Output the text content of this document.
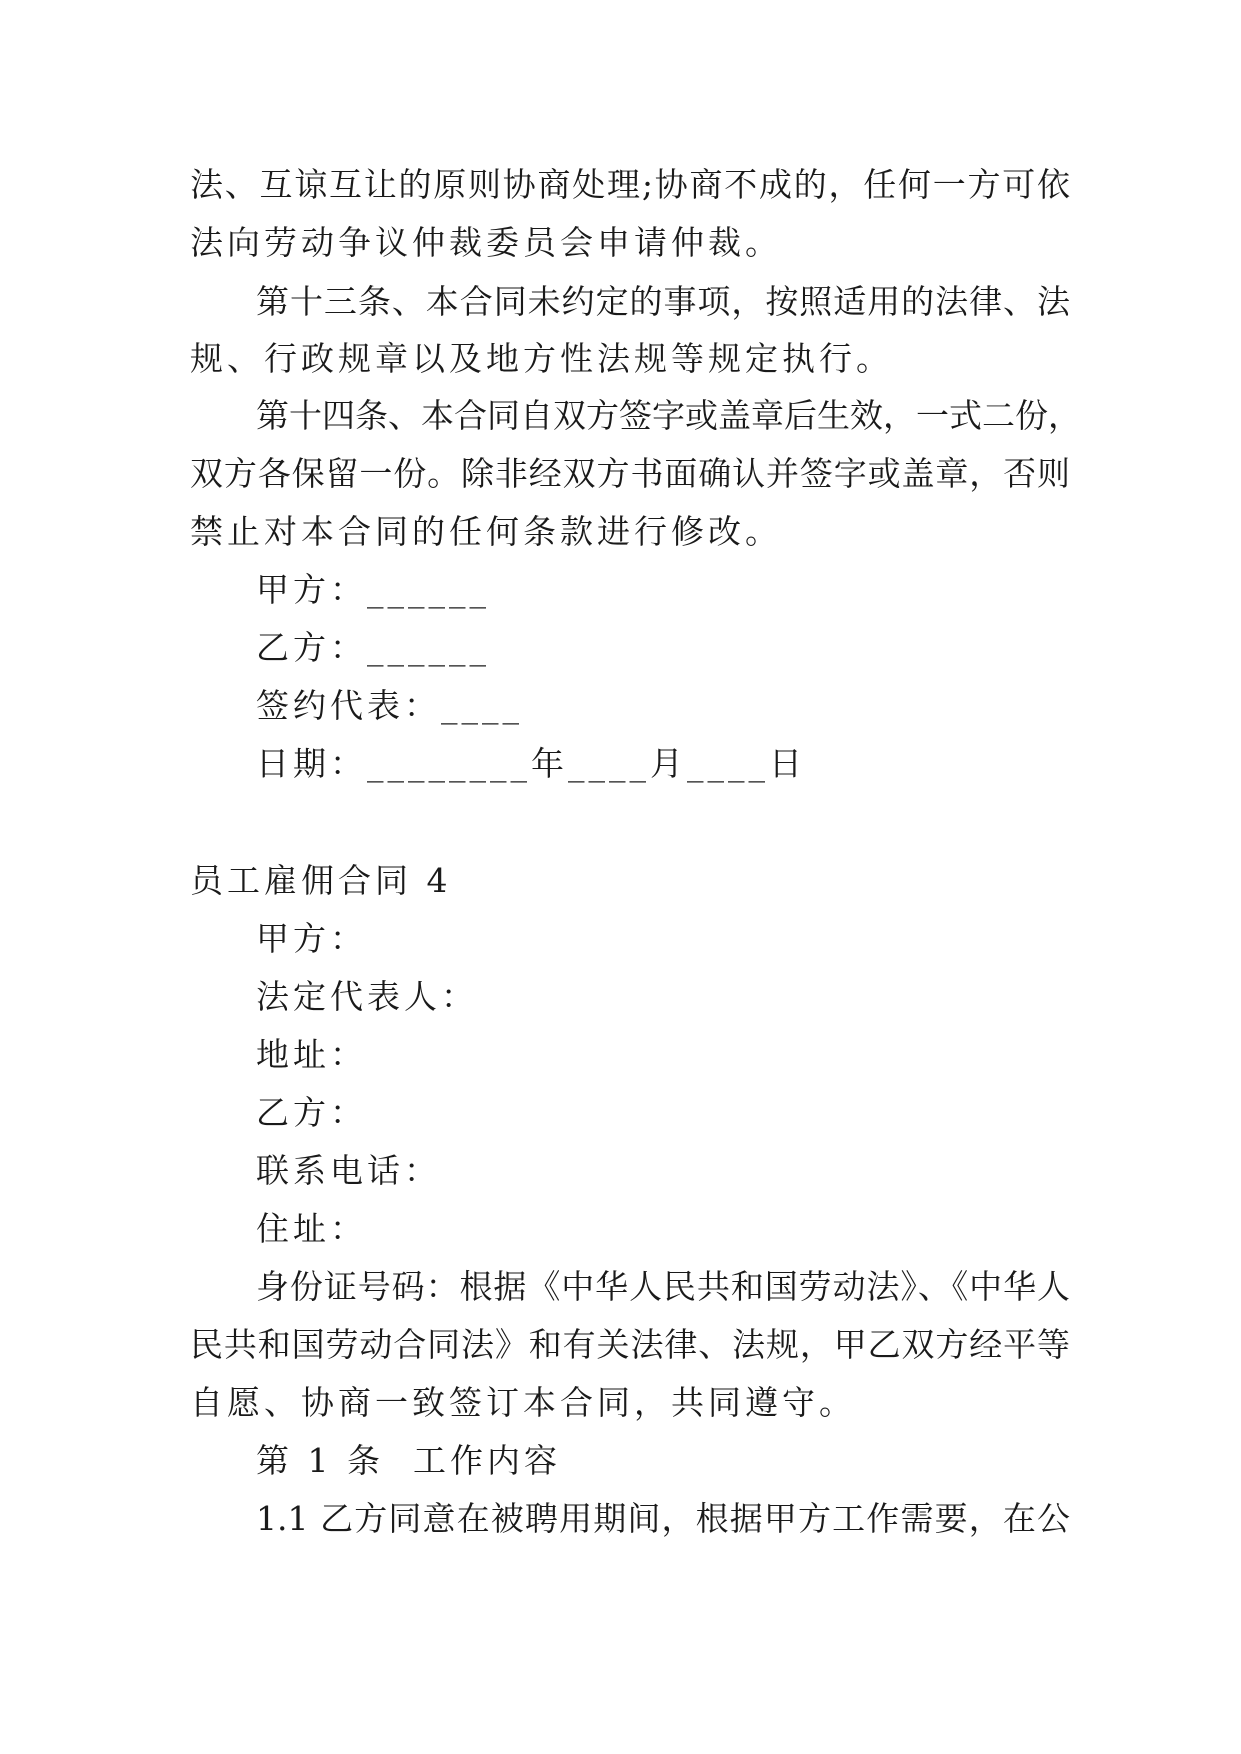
法、互谅互让的原则协商处理;协商不成的，任何一方可依
法向劳动争议仲裁委员会申请仲裁。
第十三条、本合同未约定的事项，按照适用的法律、法
规、行政规章以及地方性法规等规定执行。
第十四条、本合同自双方签字或盖章后生效，一式二份，
双方各保留一份。除非经双方书面确认并签字或盖章，否则
禁止对本合同的任何条款进行修改。
甲方：______
乙方：______
签约代表：____
日期：________年____月____日
员工雇佣合同 4
甲方：
法定代表人：
地址：
乙方：
联系电话：
住址：
身份证号码：根据《中华人民共和国劳动法》、《中华人
民共和国劳动合同法》和有关法律、法规，甲乙双方经平等
自愿、协商一致签订本合同，共同遵守。
第 1 条  工作内容
1.1 乙方同意在被聘用期间，根据甲方工作需要，在公
